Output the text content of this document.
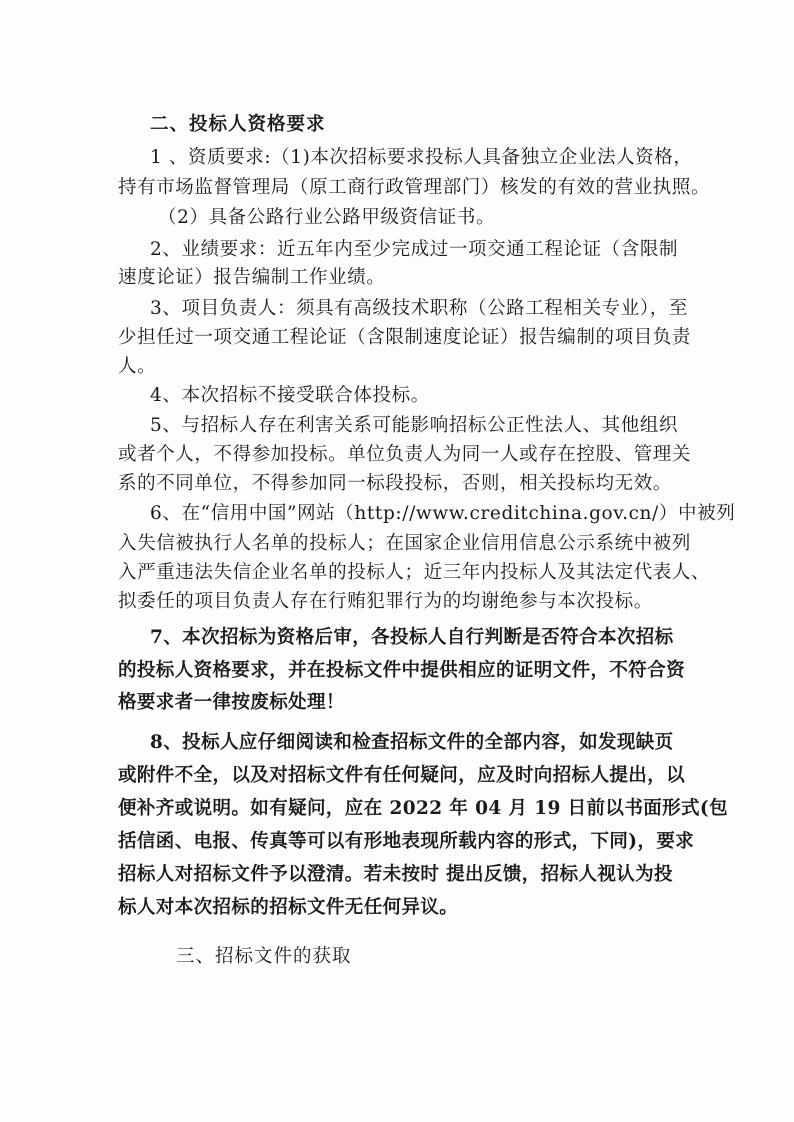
二、投标人资格要求
1 、资质要求:（1)本次招标要求投标人具备独立企业法人资格，
持有市场监督管理局（原工商行政管理部门）核发的有效的营业执照。
（2）具备公路行业公路甲级资信证书。
2、业绩要求：近五年内至少完成过一项交通工程论证（含限制
速度论证）报告编制工作业绩。
3、项目负责人：须具有高级技术职称（公路工程相关专业），至
少担任过一项交通工程论证（含限制速度论证）报告编制的项目负责
人。
4、本次招标不接受联合体投标。
5、与招标人存在利害关系可能影响招标公正性法人、其他组织
或者个人，不得参加投标。单位负责人为同一人或存在控股、管理关
系的不同单位，不得参加同一标段投标，否则，相关投标均无效。
6、在“信用中国”网站（http://www.creditchina.gov.cn/）中被列
入失信被执行人名单的投标人；在国家企业信用信息公示系统中被列
入严重违法失信企业名单的投标人；近三年内投标人及其法定代表人、
拟委任的项目负责人存在行贿犯罪行为的均谢绝参与本次投标。
7、本次招标为资格后审，各投标人自行判断是否符合本次招标
的投标人资格要求，并在投标文件中提供相应的证明文件，不符合资
格要求者一律按废标处理！
8、投标人应仔细阅读和检查招标文件的全部内容，如发现缺页
或附件不全，以及对招标文件有任何疑问，应及时向招标人提出，以
便补齐或说明。如有疑问，应在 2022 年 04 月 19 日前以书面形式(包
括信函、电报、传真等可以有形地表现所载内容的形式，下同)，要求
招标人对招标文件予以澄清。若未按时 提出反馈，招标人视认为投
标人对本次招标的招标文件无任何异议。
三、招标文件的获取
